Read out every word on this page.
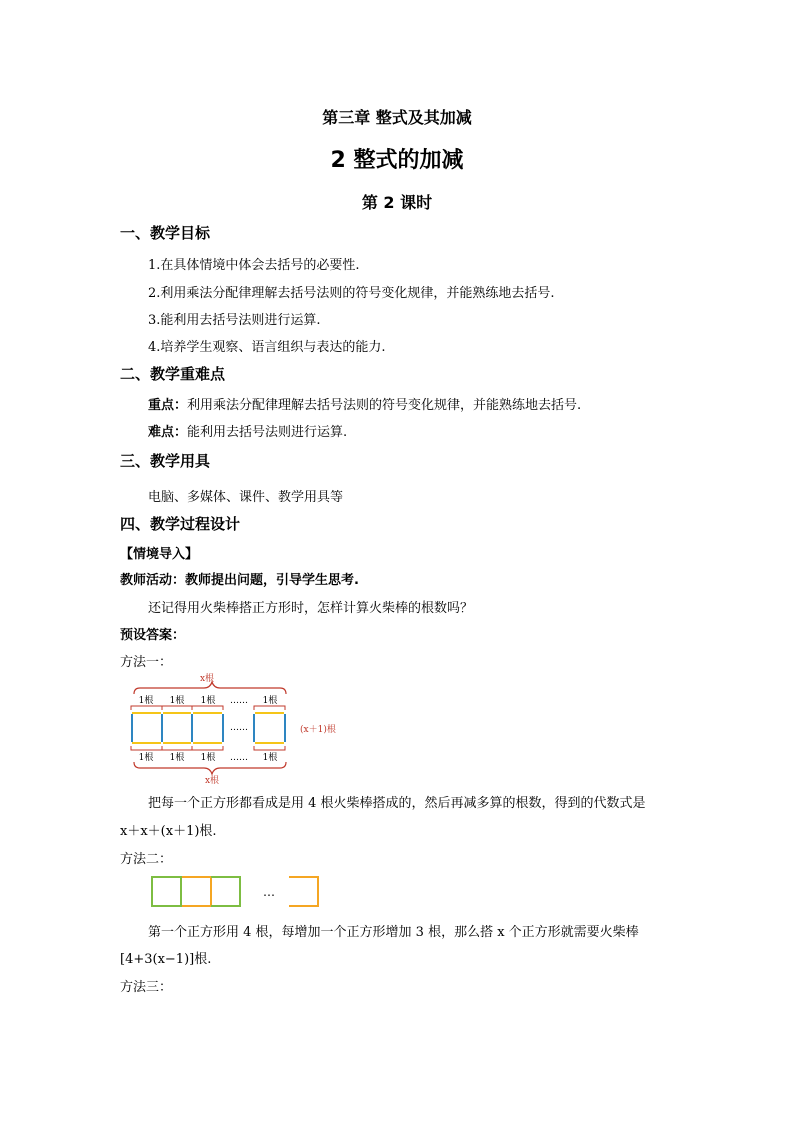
第三章 整式及其加减
2 整式的加减
第 2 课时
一、教学目标
1.在具体情境中体会去括号的必要性.
2.利用乘法分配律理解去括号法则的符号变化规律，并能熟练地去括号.
3.能利用去括号法则进行运算.
4.培养学生观察、语言组织与表达的能力.
二、教学重难点
重点：利用乘法分配律理解去括号法则的符号变化规律，并能熟练地去括号.
难点：能利用去括号法则进行运算.
三、教学用具
电脑、多媒体、课件、教学用具等
四、教学过程设计
【情境导入】
教师活动：教师提出问题，引导学生思考.
还记得用火柴棒搭正方形时，怎样计算火柴棒的根数吗？
预设答案：
方法一：
x根
1根 1根 1根 …… 1根
……	(x＋1)根
1根 1根 1根 …… 1根
x根
把每一个正方形都看成是用 4 根火柴棒搭成的，然后再减多算的根数，得到的代数式是
x＋x＋(x＋1)根.
方法二：
…
第一个正方形用 4 根，每增加一个正方形增加 3 根，那么搭 x 个正方形就需要火柴棒
[4+3(x−1)]根.
方法三：
